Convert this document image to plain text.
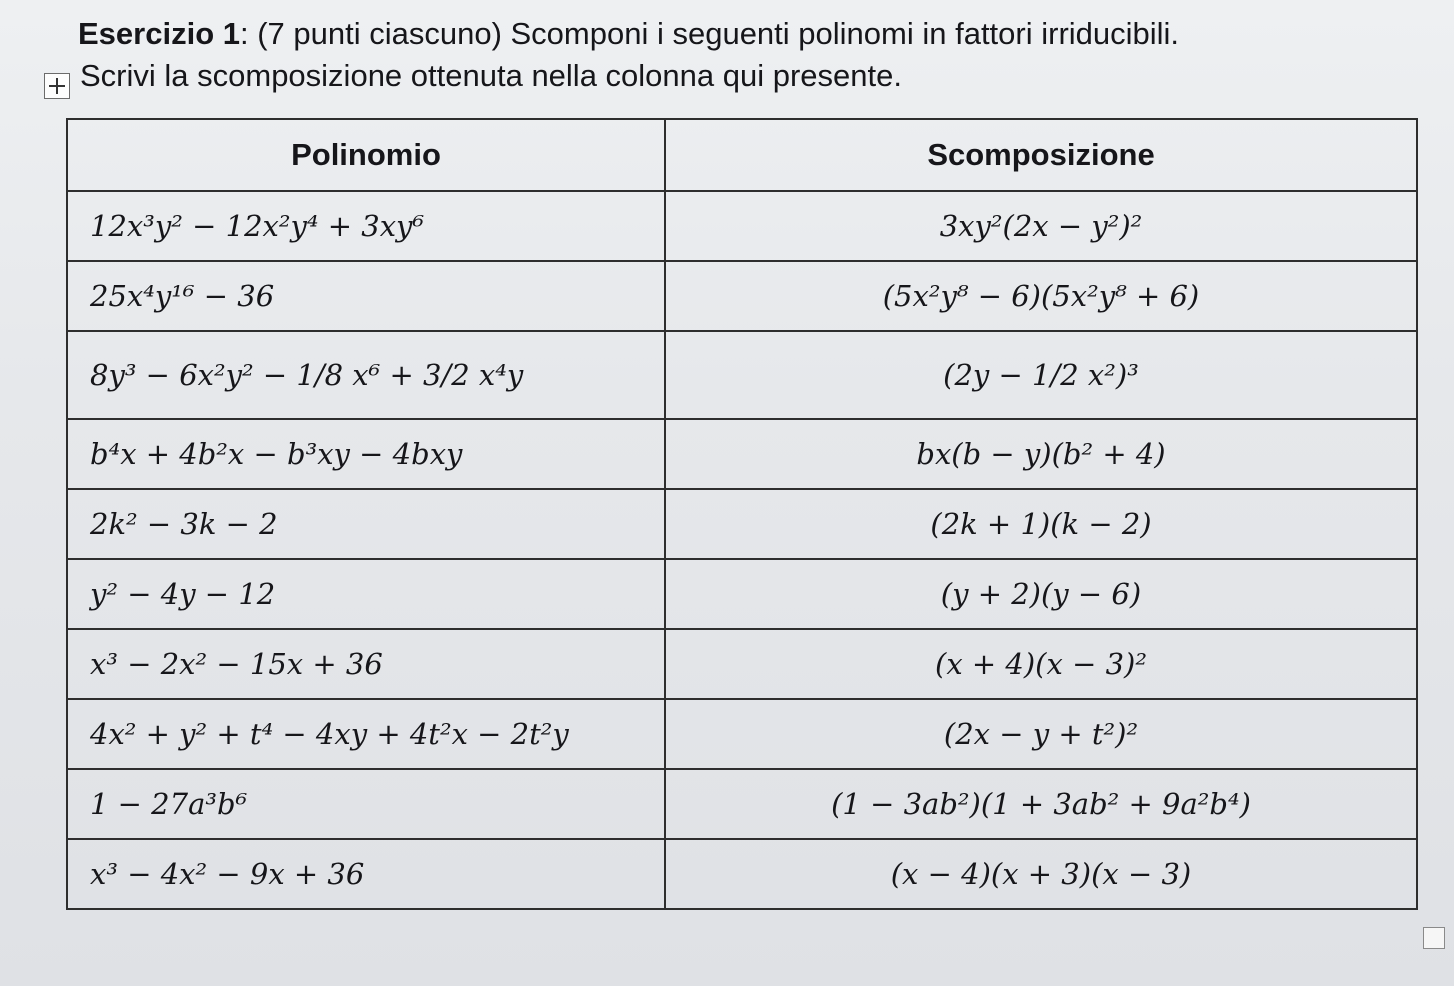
Esercizio 1: (7 punti ciascuno) Scomponi i seguenti polinomi in fattori irriducibili.
Scrivi la scomposizione ottenuta nella colonna qui presente.
Polinomio	Scomposizione
12x³y² − 12x²y⁴ + 3xy⁶	3xy²(2x − y²)²
25x⁴y¹⁶ − 36	(5x²y⁸ − 6)(5x²y⁸ + 6)
8y³ − 6x²y² − 1/8 x⁶ + 3/2 x⁴y	(2y − 1/2 x²)³
b⁴x + 4b²x − b³xy − 4bxy	bx(b − y)(b² + 4)
2k² − 3k − 2	(2k + 1)(k − 2)
y² − 4y − 12	(y + 2)(y − 6)
x³ − 2x² − 15x + 36	(x + 4)(x − 3)²
4x² + y² + t⁴ − 4xy + 4t²x − 2t²y	(2x − y + t²)²
1 − 27a³b⁶	(1 − 3ab²)(1 + 3ab² + 9a²b⁴)
x³ − 4x² − 9x + 36	(x − 4)(x + 3)(x − 3)
